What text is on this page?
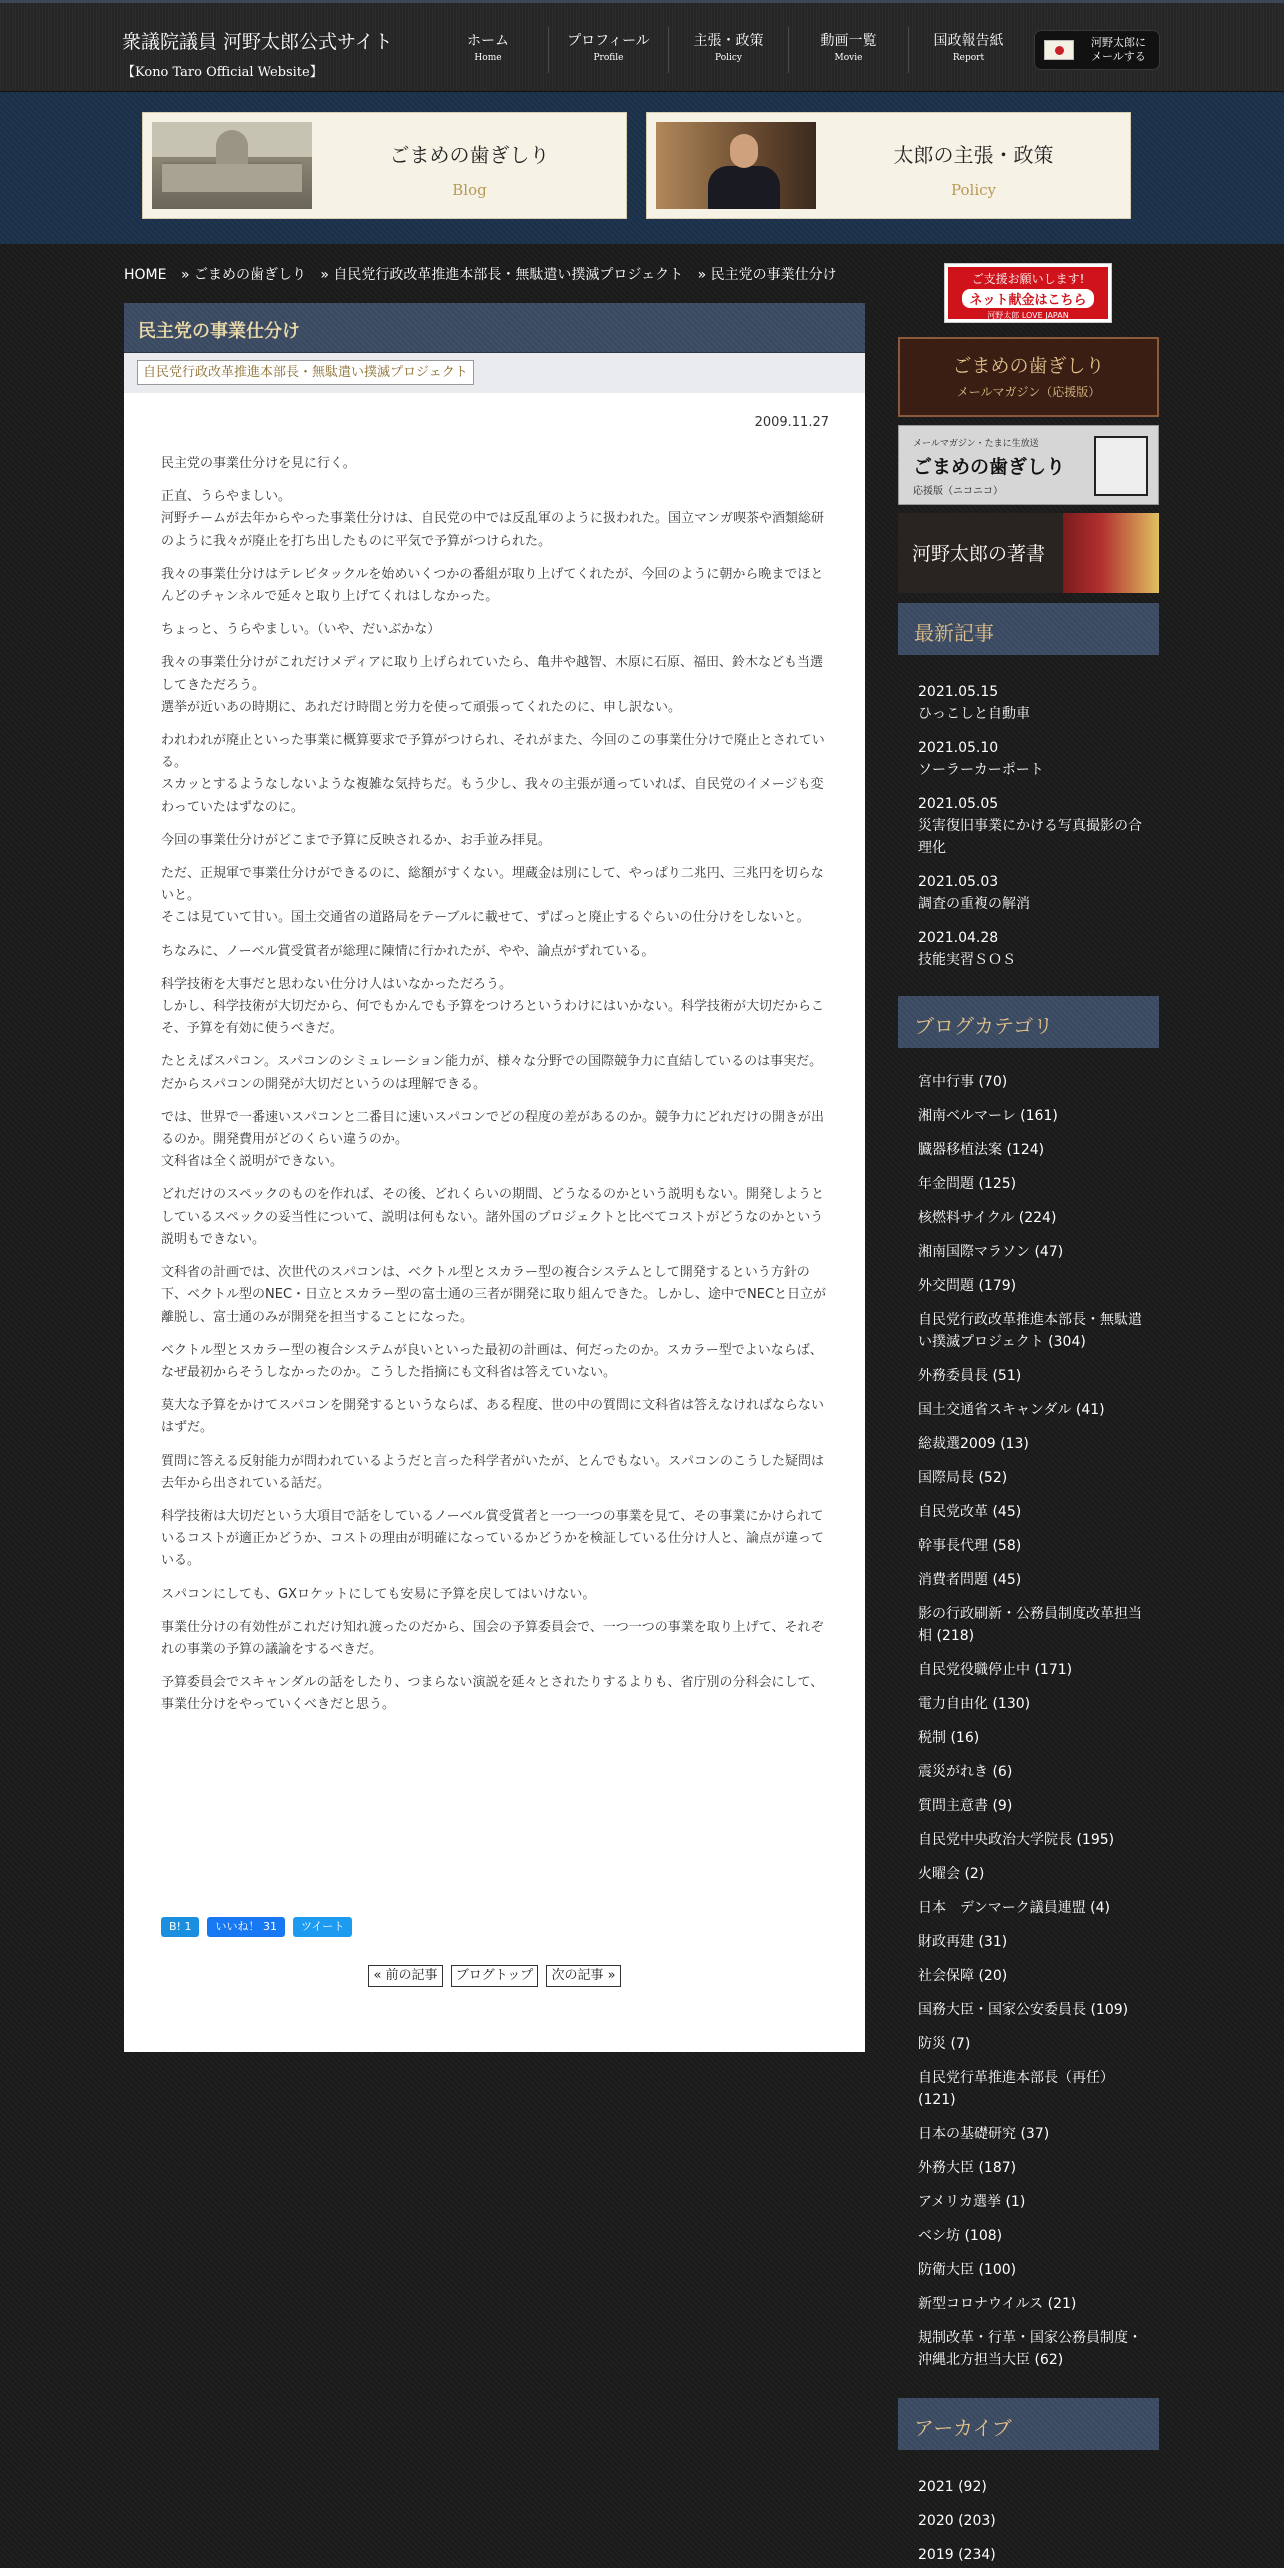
衆議院議員 河野太郎公式サイト
【Kono Taro Official Website】
ホーム
Home
プロフィール
Profile
主張・政策
Policy
動画一覧
Movie
国政報告紙
Report
河野太郎に
メールする
ごまめの歯ぎしり
Blog
太郎の主張・政策
Policy
HOME » ごまめの歯ぎしり » 自民党行政改革推進本部長・無駄遣い撲滅プロジェクト » 民主党の事業仕分け
民主党の事業仕分け
自民党行政改革推進本部長・無駄遣い撲滅プロジェクト
2009.11.27

民主党の事業仕分けを見に行く。

正直、うらやましい。
河野チームが去年からやった事業仕分けは、自民党の中では反乱軍のように扱われた。国立マンガ喫茶や酒類総研のように我々が廃止を打ち出したものに平気で予算がつけられた。

我々の事業仕分けはテレビタックルを始めいくつかの番組が取り上げてくれたが、今回のように朝から晩までほとんどのチャンネルで延々と取り上げてくれはしなかった。

ちょっと、うらやましい。（いや、だいぶかな）

我々の事業仕分けがこれだけメディアに取り上げられていたら、亀井や越智、木原に石原、福田、鈴木なども当選してきただろう。
選挙が近いあの時期に、あれだけ時間と労力を使って頑張ってくれたのに、申し訳ない。

われわれが廃止といった事業に概算要求で予算がつけられ、それがまた、今回のこの事業仕分けで廃止とされている。
スカッとするようなしないような複雑な気持ちだ。もう少し、我々の主張が通っていれば、自民党のイメージも変わっていたはずなのに。

今回の事業仕分けがどこまで予算に反映されるか、お手並み拝見。

ただ、正規軍で事業仕分けができるのに、総額がすくない。埋蔵金は別にして、やっぱり二兆円、三兆円を切らないと。
そこは見ていて甘い。国土交通省の道路局をテーブルに載せて、ずばっと廃止するぐらいの仕分けをしないと。

ちなみに、ノーベル賞受賞者が総理に陳情に行かれたが、やや、論点がずれている。

科学技術を大事だと思わない仕分け人はいなかっただろう。
しかし、科学技術が大切だから、何でもかんでも予算をつけろというわけにはいかない。科学技術が大切だからこそ、予算を有効に使うべきだ。

たとえばスパコン。スパコンのシミュレーション能力が、様々な分野での国際競争力に直結しているのは事実だ。
だからスパコンの開発が大切だというのは理解できる。

では、世界で一番速いスパコンと二番目に速いスパコンでどの程度の差があるのか。競争力にどれだけの開きが出るのか。開発費用がどのくらい違うのか。
文科省は全く説明ができない。

どれだけのスペックのものを作れば、その後、どれくらいの期間、どうなるのかという説明もない。開発しようとしているスペックの妥当性について、説明は何もない。諸外国のプロジェクトと比べてコストがどうなのかという説明もできない。

文科省の計画では、次世代のスパコンは、ベクトル型とスカラー型の複合システムとして開発するという方針の下、ベクトル型のNEC・日立とスカラー型の富士通の三者が開発に取り組んできた。しかし、途中でNECと日立が離脱し、富士通のみが開発を担当することになった。

ベクトル型とスカラー型の複合システムが良いといった最初の計画は、何だったのか。スカラー型でよいならば、なぜ最初からそうしなかったのか。こうした指摘にも文科省は答えていない。

莫大な予算をかけてスパコンを開発するというならば、ある程度、世の中の質問に文科省は答えなければならないはずだ。

質問に答える反射能力が問われているようだと言った科学者がいたが、とんでもない。スパコンのこうした疑問は去年から出されている話だ。

科学技術は大切だという大項目で話をしているノーベル賞受賞者と一つ一つの事業を見て、その事業にかけられているコストが適正かどうか、コストの理由が明確になっているかどうかを検証している仕分け人と、論点が違っている。

スパコンにしても、GXロケットにしても安易に予算を戻してはいけない。

事業仕分けの有効性がこれだけ知れ渡ったのだから、国会の予算委員会で、一つ一つの事業を取り上げて、それぞれの事業の予算の議論をするべきだ。

予算委員会でスキャンダルの話をしたり、つまらない演説を延々とされたりするよりも、省庁別の分科会にして、事業仕分けをやっていくべきだと思う。

B! 1	いいね！ 31	ツイート
« 前の記事 ブログトップ 次の記事 »
ご支援お願いします!
ネット献金はこちら
河野太郎 LOVE JAPAN
ごまめの歯ぎしり
メールマガジン（応援版）
メールマガジン・たまに生放送
ごまめの歯ぎしり
応援版（ニコニコ）
河野太郎の著書
最新記事
2021.05.15
ひっこしと自動車
2021.05.10
ソーラーカーポート
2021.05.05
災害復旧事業にかける写真撮影の合理化
2021.05.03
調査の重複の解消
2021.04.28
技能実習ＳＯＳ
ブログカテゴリ
宮中行事 (70)
湘南ベルマーレ (161)
臓器移植法案 (124)
年金問題 (125)
核燃料サイクル (224)
湘南国際マラソン (47)
外交問題 (179)
自民党行政改革推進本部長・無駄遣い撲滅プロジェクト (304)
外務委員長 (51)
国土交通省スキャンダル (41)
総裁選2009 (13)
国際局長 (52)
自民党改革 (45)
幹事長代理 (58)
消費者問題 (45)
影の行政刷新・公務員制度改革担当相 (218)
自民党役職停止中 (171)
電力自由化 (130)
税制 (16)
震災がれき (6)
質問主意書 (9)
自民党中央政治大学院長 (195)
火曜会 (2)
日本　デンマーク議員連盟 (4)
財政再建 (31)
社会保障 (20)
国務大臣・国家公安委員長 (109)
防災 (7)
自民党行革推進本部長（再任） (121)
日本の基礎研究 (37)
外務大臣 (187)
アメリカ選挙 (1)
ベシ坊 (108)
防衛大臣 (100)
新型コロナウイルス (21)
規制改革・行革・国家公務員制度・沖縄北方担当大臣 (62)
アーカイブ
2021 (92)
2020 (203)
2019 (234)
